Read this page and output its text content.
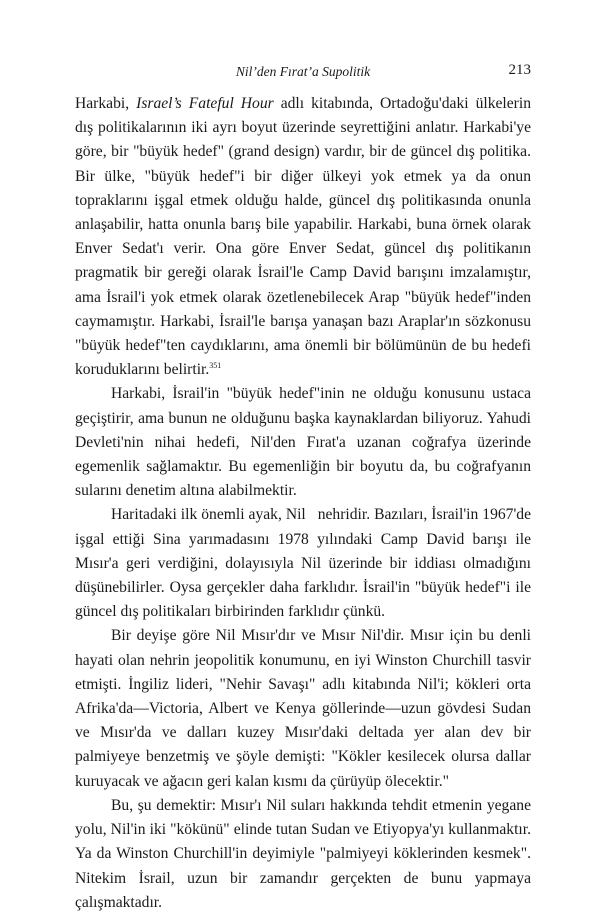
Nil’den Fırat’a Supolitik	213

Harkabi, Israel’s Fateful Hour adlı kitabında, Ortadoğu'daki ülkelerin dış politikalarının iki ayrı boyut üzerinde seyrettiğini anlatır. Harkabi'ye göre, bir "büyük hedef" (grand design) vardır, bir de güncel dış politika. Bir ülke, "büyük hedef"i bir diğer ülkeyi yok etmek ya da onun topraklarını işgal etmek olduğu halde, güncel dış politikasında onunla anlaşabilir, hatta onunla barış bile yapabilir. Harkabi, buna örnek olarak Enver Sedat'ı verir. Ona göre Enver Sedat, güncel dış politikanın pragmatik bir gereği olarak İsrail'le Camp David barışını imzalamıştır, ama İsrail'i yok etmek olarak özetlenebilecek Arap "büyük hedef"inden caymamıştır. Harkabi, İsrail'le barışa yanaşan bazı Araplar'ın sözkonusu "büyük hedef"ten caydıklarını, ama önemli bir bölümünün de bu hedefi koruduklarını belirtir.$^{351}$

Harkabi, İsrail'in "büyük hedef"inin ne olduğu konusunu ustaca geçiştirir, ama bunun ne olduğunu başka kaynaklardan biliyoruz. Yahudi Devleti'nin nihai hedefi, Nil'den Fırat'a uzanan coğrafya üzerinde egemenlik sağlamaktır. Bu egemenliğin bir boyutu da, bu coğrafyanın sularını denetim altına alabilmektir.

Haritadaki ilk önemli ayak, Nil   nehridir. Bazıları, İsrail'in 1967'de işgal ettiği Sina yarımadasını 1978 yılındaki Camp David barışı ile Mısır'a geri verdiğini, dolayısıyla Nil üzerinde bir iddiası olmadığını düşünebilirler. Oysa gerçekler daha farklıdır. İsrail'in "büyük hedef"i ile güncel dış politikaları birbirinden farklıdır çünkü.

Bir deyişe göre Nil Mısır'dır ve Mısır Nil'dir. Mısır için bu denli hayati olan nehrin jeopolitik konumunu, en iyi Winston Churchill tasvir etmişti. İngiliz lideri, "Nehir Savaşı" adlı kitabında Nil'i; kökleri orta Afrika'da—Victoria, Albert ve Kenya göllerinde—uzun gövdesi Sudan ve Mısır'da ve dalları kuzey Mısır'daki deltada yer alan dev bir palmiyeye benzetmiş ve şöyle demişti: "Kökler kesilecek olursa dallar kuruyacak ve ağacın geri kalan kısmı da çürüyüp ölecektir."

Bu, şu demektir: Mısır'ı Nil suları hakkında tehdit etmenin yegane yolu, Nil'in iki "kökünü" elinde tutan Sudan ve Etiyopya'yı kullanmaktır. Ya da Winston Churchill'in deyimiyle "palmiyeyi köklerinden kesmek". Nitekim İsrail, uzun bir zamandır gerçekten de bunu yapmaya çalışmaktadır.
